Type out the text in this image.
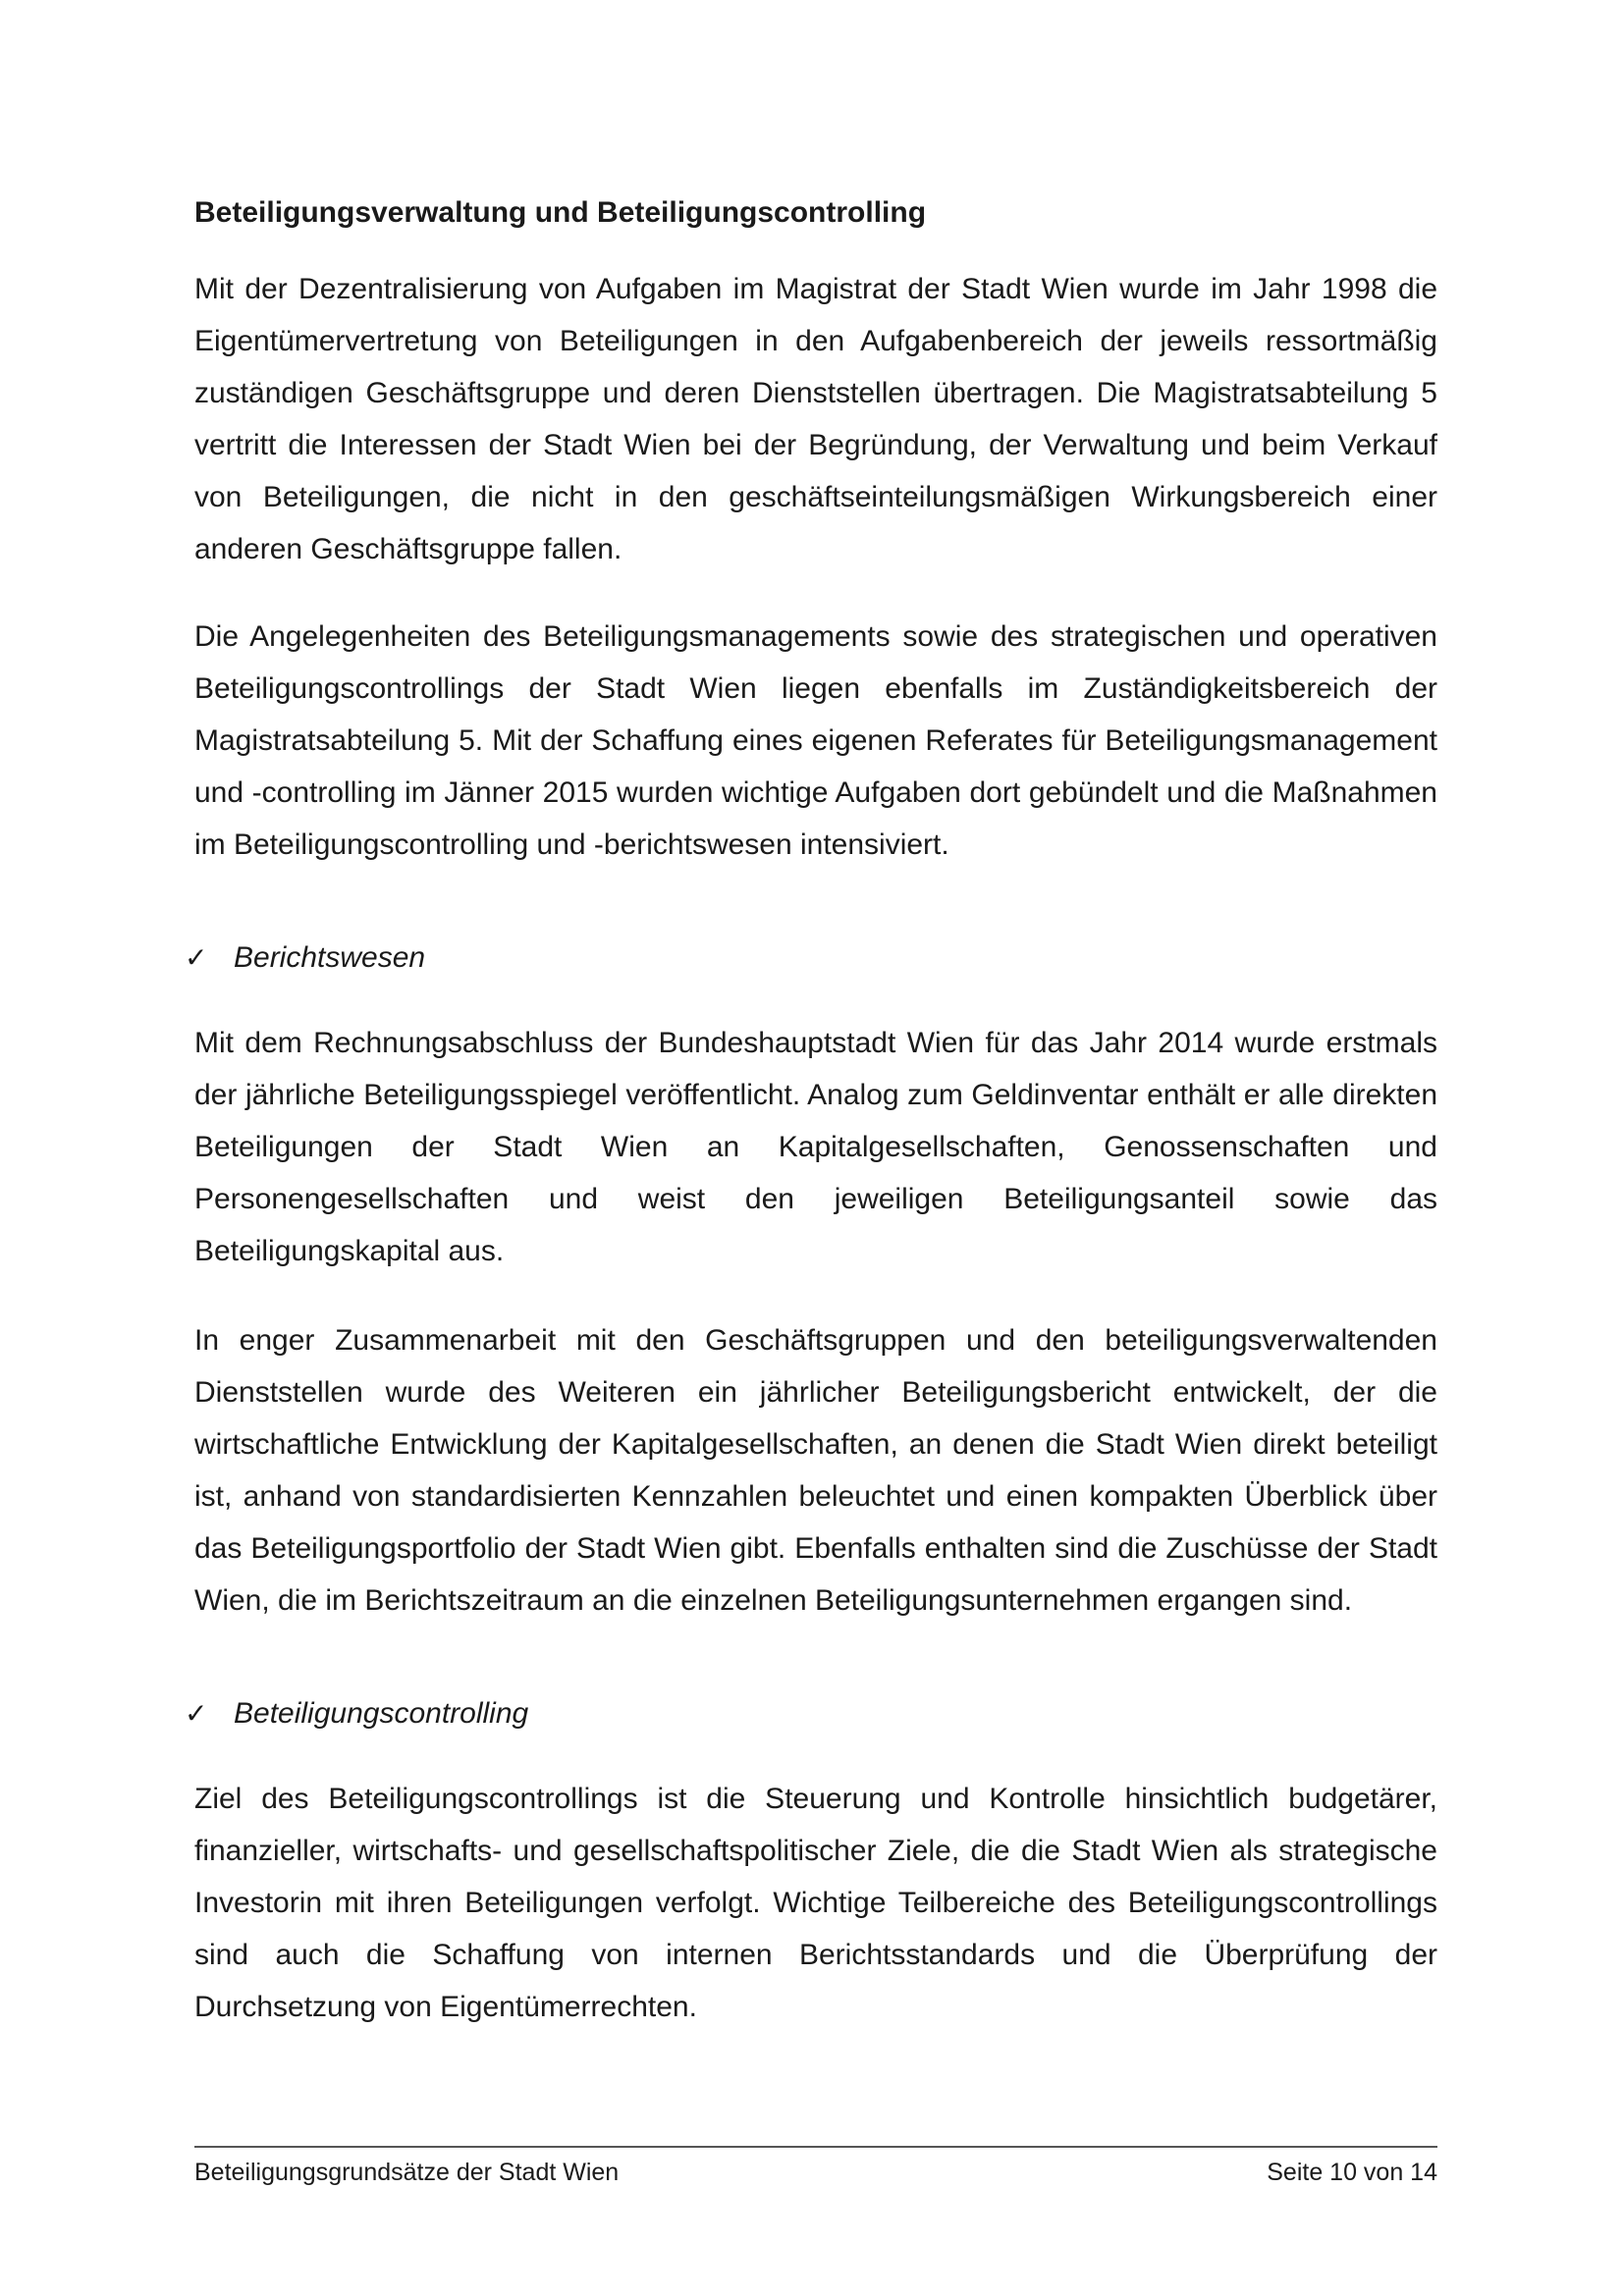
Beteiligungsverwaltung und Beteiligungscontrolling

Mit der Dezentralisierung von Aufgaben im Magistrat der Stadt Wien wurde im Jahr 1998 die Eigentümervertretung von Beteiligungen in den Aufgabenbereich der jeweils ressortmäßig zuständigen Geschäftsgruppe und deren Dienststellen übertragen. Die Magistratsabteilung 5 vertritt die Interessen der Stadt Wien bei der Begründung, der Verwaltung und beim Verkauf von Beteiligungen, die nicht in den geschäftseinteilungsmäßigen Wirkungsbereich einer anderen Geschäftsgruppe fallen.

Die Angelegenheiten des Beteiligungsmanagements sowie des strategischen und operativen Beteiligungscontrollings der Stadt Wien liegen ebenfalls im Zuständigkeitsbereich der Magistratsabteilung 5. Mit der Schaffung eines eigenen Referates für Beteiligungsmanagement und -controlling im Jänner 2015 wurden wichtige Aufgaben dort gebündelt und die Maßnahmen im Beteiligungscontrolling und -berichtswesen intensiviert.

✓ Berichtswesen

Mit dem Rechnungsabschluss der Bundeshauptstadt Wien für das Jahr 2014 wurde erstmals der jährliche Beteiligungsspiegel veröffentlicht. Analog zum Geldinventar enthält er alle direkten Beteiligungen der Stadt Wien an Kapitalgesellschaften, Genossenschaften und Personengesellschaften und weist den jeweiligen Beteiligungsanteil sowie das Beteiligungskapital aus.

In enger Zusammenarbeit mit den Geschäftsgruppen und den beteiligungsverwaltenden Dienststellen wurde des Weiteren ein jährlicher Beteiligungsbericht entwickelt, der die wirtschaftliche Entwicklung der Kapitalgesellschaften, an denen die Stadt Wien direkt beteiligt ist, anhand von standardisierten Kennzahlen beleuchtet und einen kompakten Überblick über das Beteiligungsportfolio der Stadt Wien gibt. Ebenfalls enthalten sind die Zuschüsse der Stadt Wien, die im Berichtszeitraum an die einzelnen Beteiligungsunternehmen ergangen sind.

✓ Beteiligungscontrolling

Ziel des Beteiligungscontrollings ist die Steuerung und Kontrolle hinsichtlich budgetärer, finanzieller, wirtschafts- und gesellschaftspolitischer Ziele, die die Stadt Wien als strategische Investorin mit ihren Beteiligungen verfolgt. Wichtige Teilbereiche des Beteiligungscontrollings sind auch die Schaffung von internen Berichtsstandards und die Überprüfung der Durchsetzung von Eigentümerrechten.

Beteiligungsgrundsätze der Stadt Wien	Seite 10 von 14
